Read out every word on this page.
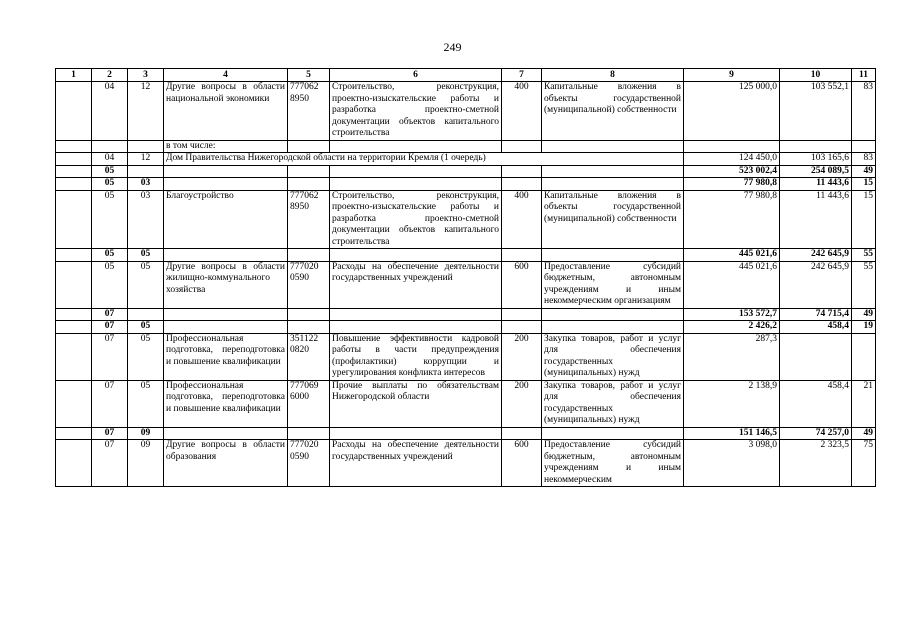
249
1	2	3	4	5	6	7	8	9	10	11
	04	12	Другие вопросы в области национальной экономики	777062 8950	Строительство, реконструкция, проектно-изыскательские работы и разработка проектно-сметной документации объектов капитального строительства	400	Капитальные вложения в объекты государственной (муниципальной) собственности	125 000,0	103 552,1	83
			в том числе:							
	04	12	Дом Правительства Нижегородской области на территории Кремля (1 очередь)					124 450,0	103 165,6	83
	05							523 002,4	254 089,5	49
	05	03						77 980,8	11 443,6	15
	05	03	Благоустройство	777062 8950	Строительство, реконструкция, проектно-изыскательские работы и разработка проектно-сметной документации объектов капитального строительства	400	Капитальные вложения в объекты государственной (муниципальной) собственности	77 980,8	11 443,6	15
	05	05						445 021,6	242 645,9	55
	05	05	Другие вопросы в области жилищно-коммунального хозяйства	777020 0590	Расходы на обеспечение деятельности государственных учреждений	600	Предоставление субсидий бюджетным, автономным учреждениям и иным некоммерческим организациям	445 021,6	242 645,9	55
	07							153 572,7	74 715,4	49
	07	05						2 426,2	458,4	19
	07	05	Профессиональная подготовка, переподготовка и повышение квалификации	351122 0820	Повышение эффективности кадровой работы в части предупреждения (профилактики) коррупции и урегулирования конфликта интересов	200	Закупка товаров, работ и услуг для обеспечения государственных (муниципальных) нужд	287,3		
	07	05	Профессиональная подготовка, переподготовка и повышение квалификации	777069 6000	Прочие выплаты по обязательствам Нижегородской области	200	Закупка товаров, работ и услуг для обеспечения государственных (муниципальных) нужд	2 138,9	458,4	21
	07	09						151 146,5	74 257,0	49
	07	09	Другие вопросы в области образования	777020 0590	Расходы на обеспечение деятельности государственных учреждений	600	Предоставление субсидий бюджетным, автономным учреждениям и иным некоммерческим	3 098,0	2 323,5	75
